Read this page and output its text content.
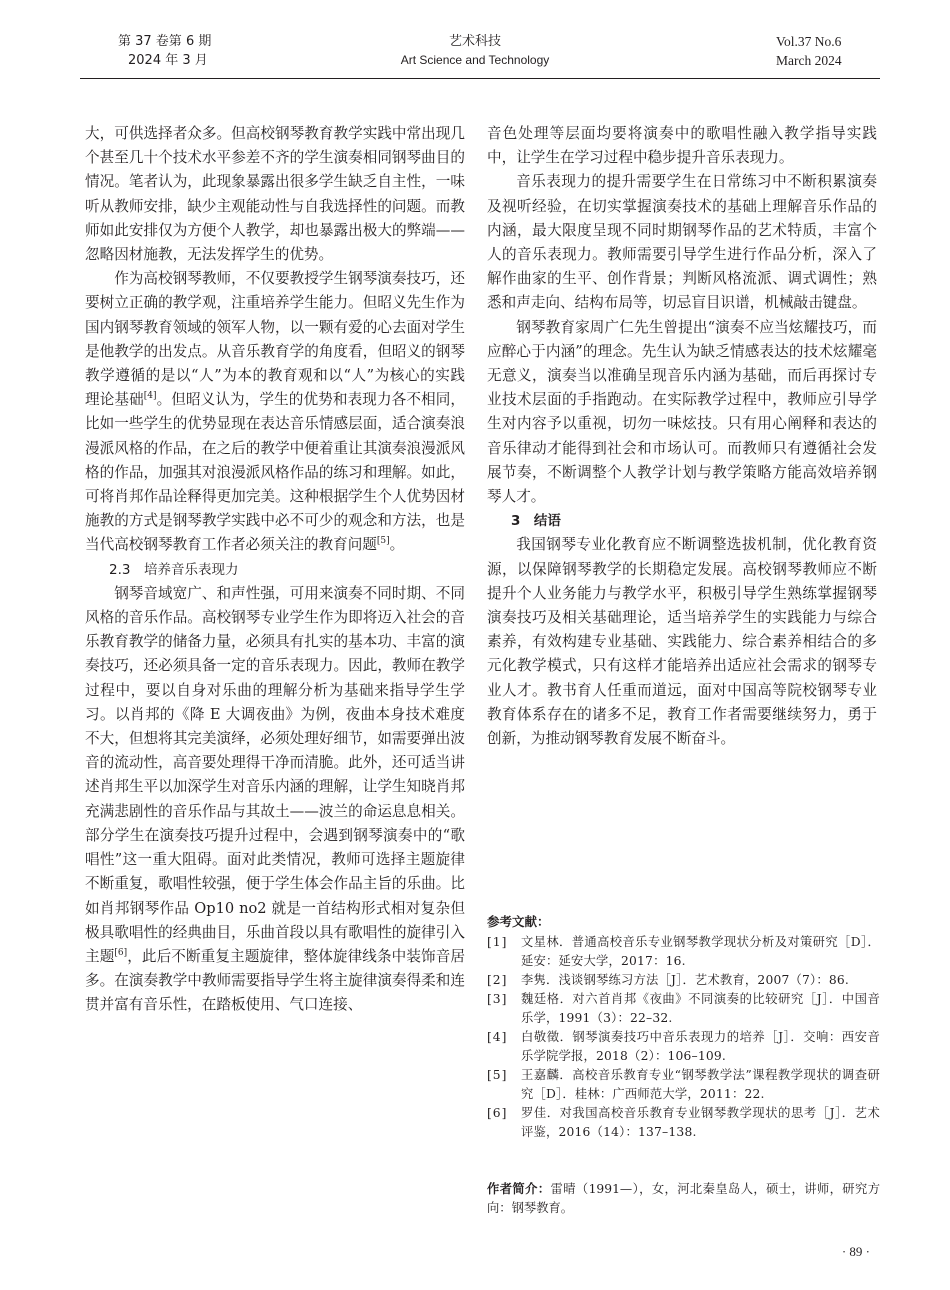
第 37 卷第 6 期
2024 年 3 月
艺术科技
Art Science and Technology
Vol.37 No.6
March 2024

大，可供选择者众多。但高校钢琴教育教学实践中常出现几个甚至几十个技术水平参差不齐的学生演奏相同钢琴曲目的情况。笔者认为，此现象暴露出很多学生缺乏自主性，一味听从教师安排，缺少主观能动性与自我选择性的问题。而教师如此安排仅为方便个人教学，却也暴露出极大的弊端——忽略因材施教，无法发挥学生的优势。

作为高校钢琴教师，不仅要教授学生钢琴演奏技巧，还要树立正确的教学观，注重培养学生能力。但昭义先生作为国内钢琴教育领域的领军人物，以一颗有爱的心去面对学生是他教学的出发点。从音乐教育学的角度看，但昭义的钢琴教学遵循的是以“人”为本的教育观和以“人”为核心的实践理论基础[4]。但昭义认为，学生的优势和表现力各不相同，比如一些学生的优势显现在表达音乐情感层面，适合演奏浪漫派风格的作品，在之后的教学中便着重让其演奏浪漫派风格的作品，加强其对浪漫派风格作品的练习和理解。如此，可将肖邦作品诠释得更加完美。这种根据学生个人优势因材施教的方式是钢琴教学实践中必不可少的观念和方法，也是当代高校钢琴教育工作者必须关注的教育问题[5]。

2.3　培养音乐表现力

钢琴音域宽广、和声性强，可用来演奏不同时期、不同风格的音乐作品。高校钢琴专业学生作为即将迈入社会的音乐教育教学的储备力量，必须具有扎实的基本功、丰富的演奏技巧，还必须具备一定的音乐表现力。因此，教师在教学过程中，要以自身对乐曲的理解分析为基础来指导学生学习。以肖邦的《降 E 大调夜曲》为例，夜曲本身技术难度不大，但想将其完美演绎，必须处理好细节，如需要弹出波音的流动性，高音要处理得干净而清脆。此外，还可适当讲述肖邦生平以加深学生对音乐内涵的理解，让学生知晓肖邦充满悲剧性的音乐作品与其故土——波兰的命运息息相关。部分学生在演奏技巧提升过程中，会遇到钢琴演奏中的“歌唱性”这一重大阻碍。面对此类情况，教师可选择主题旋律不断重复，歌唱性较强，便于学生体会作品主旨的乐曲。比如肖邦钢琴作品 Op10 no2 就是一首结构形式相对复杂但极具歌唱性的经典曲目，乐曲首段以具有歌唱性的旋律引入主题[6]，此后不断重复主题旋律，整体旋律线条中装饰音居多。在演奏教学中教师需要指导学生将主旋律演奏得柔和连贯并富有音乐性，在踏板使用、气口连接、

音色处理等层面均要将演奏中的歌唱性融入教学指导实践中，让学生在学习过程中稳步提升音乐表现力。

音乐表现力的提升需要学生在日常练习中不断积累演奏及视听经验，在切实掌握演奏技术的基础上理解音乐作品的内涵，最大限度呈现不同时期钢琴作品的艺术特质，丰富个人的音乐表现力。教师需要引导学生进行作品分析，深入了解作曲家的生平、创作背景；判断风格流派、调式调性；熟悉和声走向、结构布局等，切忌盲目识谱，机械敲击键盘。

钢琴教育家周广仁先生曾提出“演奏不应当炫耀技巧，而应醉心于内涵”的理念。先生认为缺乏情感表达的技术炫耀毫无意义，演奏当以准确呈现音乐内涵为基础，而后再探讨专业技术层面的手指跑动。在实际教学过程中，教师应引导学生对内容予以重视，切勿一味炫技。只有用心阐释和表达的音乐律动才能得到社会和市场认可。而教师只有遵循社会发展节奏，不断调整个人教学计划与教学策略方能高效培养钢琴人才。

3　结语

我国钢琴专业化教育应不断调整选拔机制，优化教育资源，以保障钢琴教学的长期稳定发展。高校钢琴教师应不断提升个人业务能力与教学水平，积极引导学生熟练掌握钢琴演奏技巧及相关基础理论，适当培养学生的实践能力与综合素养，有效构建专业基础、实践能力、综合素养相结合的多元化教学模式，只有这样才能培养出适应社会需求的钢琴专业人才。教书育人任重而道远，面对中国高等院校钢琴专业教育体系存在的诸多不足，教育工作者需要继续努力，勇于创新，为推动钢琴教育发展不断奋斗。

参考文献：
[1]	文星林．普通高校音乐专业钢琴教学现状分析及对策研究［D］．延安：延安大学，2017：16.
[2]	李隽．浅谈钢琴练习方法［J］．艺术教育，2007（7）：86.
[3]	魏廷格．对六首肖邦《夜曲》不同演奏的比较研究［J］．中国音乐学，1991（3）：22–32.
[4]	白敬徵．钢琴演奏技巧中音乐表现力的培养［J］．交响：西安音乐学院学报，2018（2）：106–109.
[5]	王嘉麟．高校音乐教育专业“钢琴教学法”课程教学现状的调查研究［D］．桂林：广西师范大学，2011：22.
[6]	罗佳．对我国高校音乐教育专业钢琴教学现状的思考［J］．艺术评鉴，2016（14）：137–138.
作者简介：雷晴（1991—），女，河北秦皇岛人，硕士，讲师，研究方向：钢琴教育。
· 89 ·
